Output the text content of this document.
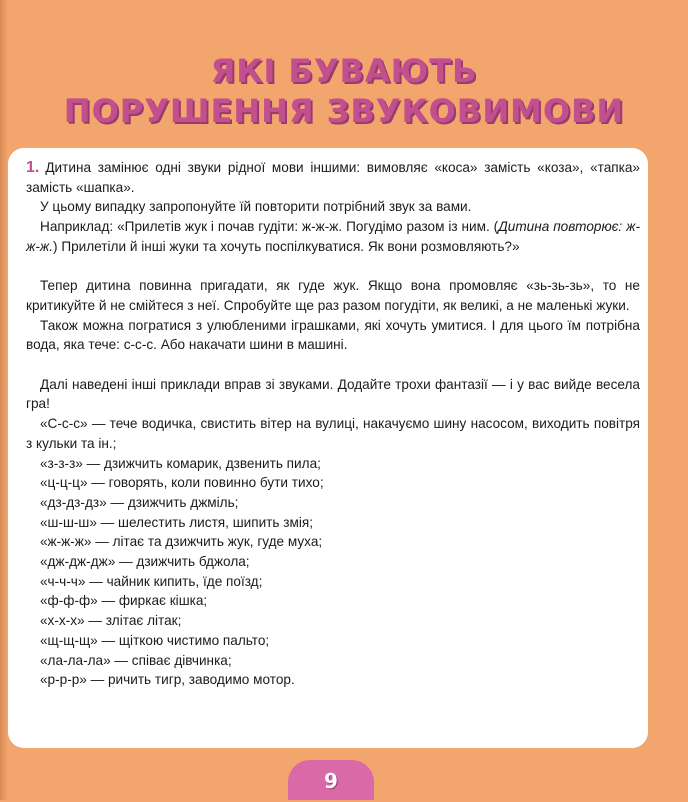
ЯКІ БУВАЮТЬ
ПОРУШЕННЯ ЗВУКОВИМОВИ

1. Дитина замінює одні звуки рідної мови іншими: вимовляє «коса» замість «коза», «тапка» замість «шапка».

У цьому випадку запропонуйте їй повторити потрібний звук за вами.

Наприклад: «Прилетів жук і почав гудіти: ж-ж-ж. Погудімо разом із ним. (Дитина повторює: ж-ж-ж.) Прилетіли й інші жуки та хочуть поспілкуватися. Як вони розмовляють?»

Тепер дитина повинна пригадати, як гуде жук. Якщо вона промовляє «зь-зь-зь», то не критикуйте й не смійтеся з неї. Спробуйте ще раз разом погудіти, як великі, а не маленькі жуки.

Також можна погратися з улюбленими іграшками, які хочуть умитися. І для цього їм потрібна вода, яка тече: с-с-с. Або накачати шини в машині.

Далі наведені інші приклади вправ зі звуками. Додайте трохи фантазії — і у вас вийде весела гра!

«С-с-с» — тече водичка, свистить вітер на вулиці, накачуємо шину насосом, виходить повітря з кульки та ін.;

«з-з-з» — дзижчить комарик, дзвенить пила;

«ц-ц-ц» — говорять, коли повинно бути тихо;

«дз-дз-дз» — дзижчить джміль;

«ш-ш-ш» — шелестить листя, шипить змія;

«ж-ж-ж» — літає та дзижчить жук, гуде муха;

«дж-дж-дж» — дзижчить бджола;

«ч-ч-ч» — чайник кипить, їде поїзд;

«ф-ф-ф» — фиркає кішка;

«х-х-х» — злітає літак;

«щ-щ-щ» — щіткою чистимо пальто;

«ла-ла-ла» — співає дівчинка;

«р-р-р» — ричить тигр, заводимо мотор.

9
